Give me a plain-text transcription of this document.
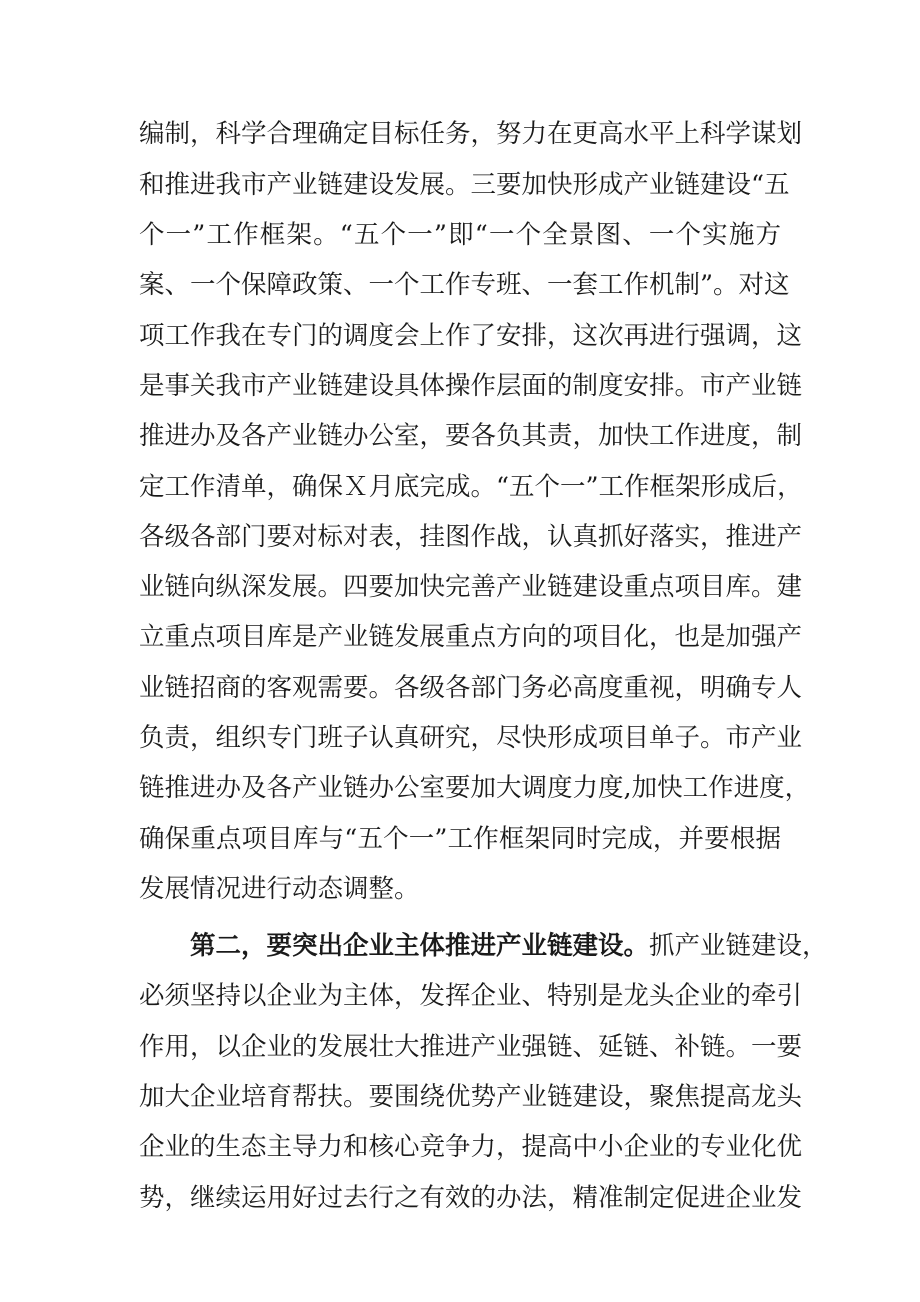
编制，科学合理确定目标任务，努力在更高水平上科学谋划
和推进我市产业链建设发展。三要加快形成产业链建设“五
个一”工作框架。“五个一”即“一个全景图、一个实施方
案、一个保障政策、一个工作专班、一套工作机制”。对这
项工作我在专门的调度会上作了安排，这次再进行强调，这
是事关我市产业链建设具体操作层面的制度安排。市产业链
推进办及各产业链办公室，要各负其责，加快工作进度，制
定工作清单，确保Ｘ月底完成。“五个一”工作框架形成后，
各级各部门要对标对表，挂图作战，认真抓好落实，推进产
业链向纵深发展。四要加快完善产业链建设重点项目库。建
立重点项目库是产业链发展重点方向的项目化，也是加强产
业链招商的客观需要。各级各部门务必高度重视，明确专人
负责，组织专门班子认真研究，尽快形成项目单子。市产业
链推进办及各产业链办公室要加大调度力度,加快工作进度，
确保重点项目库与“五个一”工作框架同时完成，并要根据
发展情况进行动态调整。
第二，要突出企业主体推进产业链建设。抓产业链建设，
必须坚持以企业为主体，发挥企业、特别是龙头企业的牵引
作用，以企业的发展壮大推进产业强链、延链、补链。一要
加大企业培育帮扶。要围绕优势产业链建设，聚焦提高龙头
企业的生态主导力和核心竞争力，提高中小企业的专业化优
势，继续运用好过去行之有效的办法，精准制定促进企业发
